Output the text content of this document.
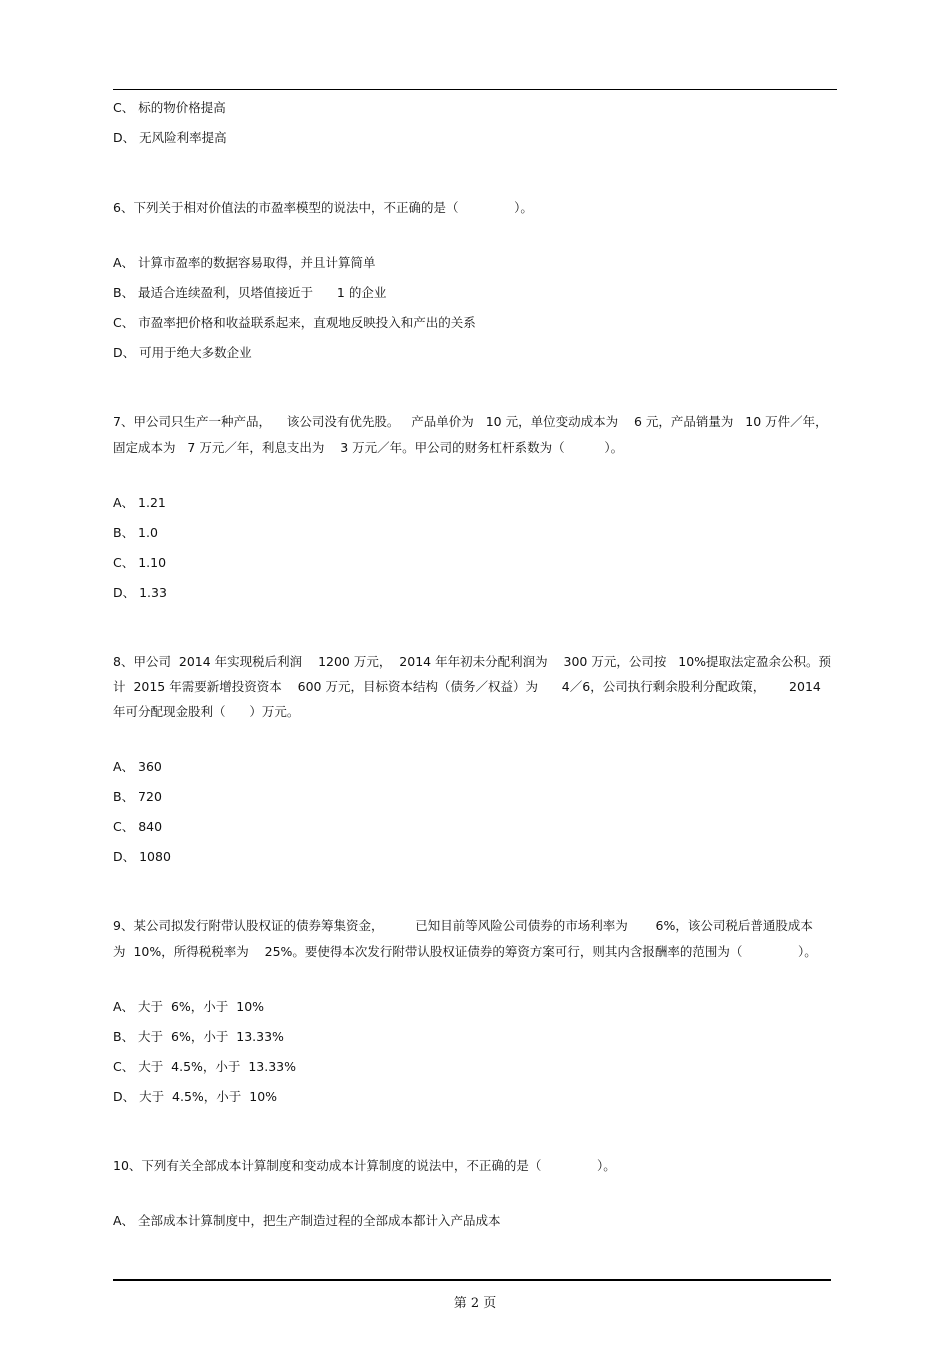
C、 标的物价格提高
D、 无风险利率提高
6、下列关于相对价值法的市盈率模型的说法中，不正确的是（              ）。
A、 计算市盈率的数据容易取得，并且计算简单
B、 最适合连续盈利，贝塔值接近于      1 的企业
C、 市盈率把价格和收益联系起来，直观地反映投入和产出的关系
D、 可用于绝大多数企业
7、甲公司只生产一种产品，    该公司没有优先股。   产品单价为   10 元，单位变动成本为    6 元，产品销量为   10 万件／年，
固定成本为   7 万元／年，利息支出为    3 万元／年。甲公司的财务杠杆系数为（          ）。
A、 1.21
B、 1.0
C、 1.10
D、 1.33
8、甲公司  2014 年实现税后利润    1200 万元，  2014 年年初未分配利润为    300 万元，公司按   10%提取法定盈余公积。预
计  2015 年需要新增投资资本    600 万元，目标资本结构（债务／权益）为      4／6，公司执行剩余股利分配政策，      2014
年可分配现金股利（      ）万元。
A、 360
B、 720
C、 840
D、 1080
9、某公司拟发行附带认股权证的债券筹集资金，        已知目前等风险公司债券的市场利率为       6%，该公司税后普通股成本
为  10%，所得税税率为    25%。要使得本次发行附带认股权证债券的筹资方案可行，则其内含报酬率的范围为（              ）。
A、 大于  6%，小于  10%
B、 大于  6%，小于  13.33%
C、 大于  4.5%，小于  13.33%
D、 大于  4.5%，小于  10%
10、下列有关全部成本计算制度和变动成本计算制度的说法中，不正确的是（              ）。
A、 全部成本计算制度中，把生产制造过程的全部成本都计入产品成本
第 2 页
